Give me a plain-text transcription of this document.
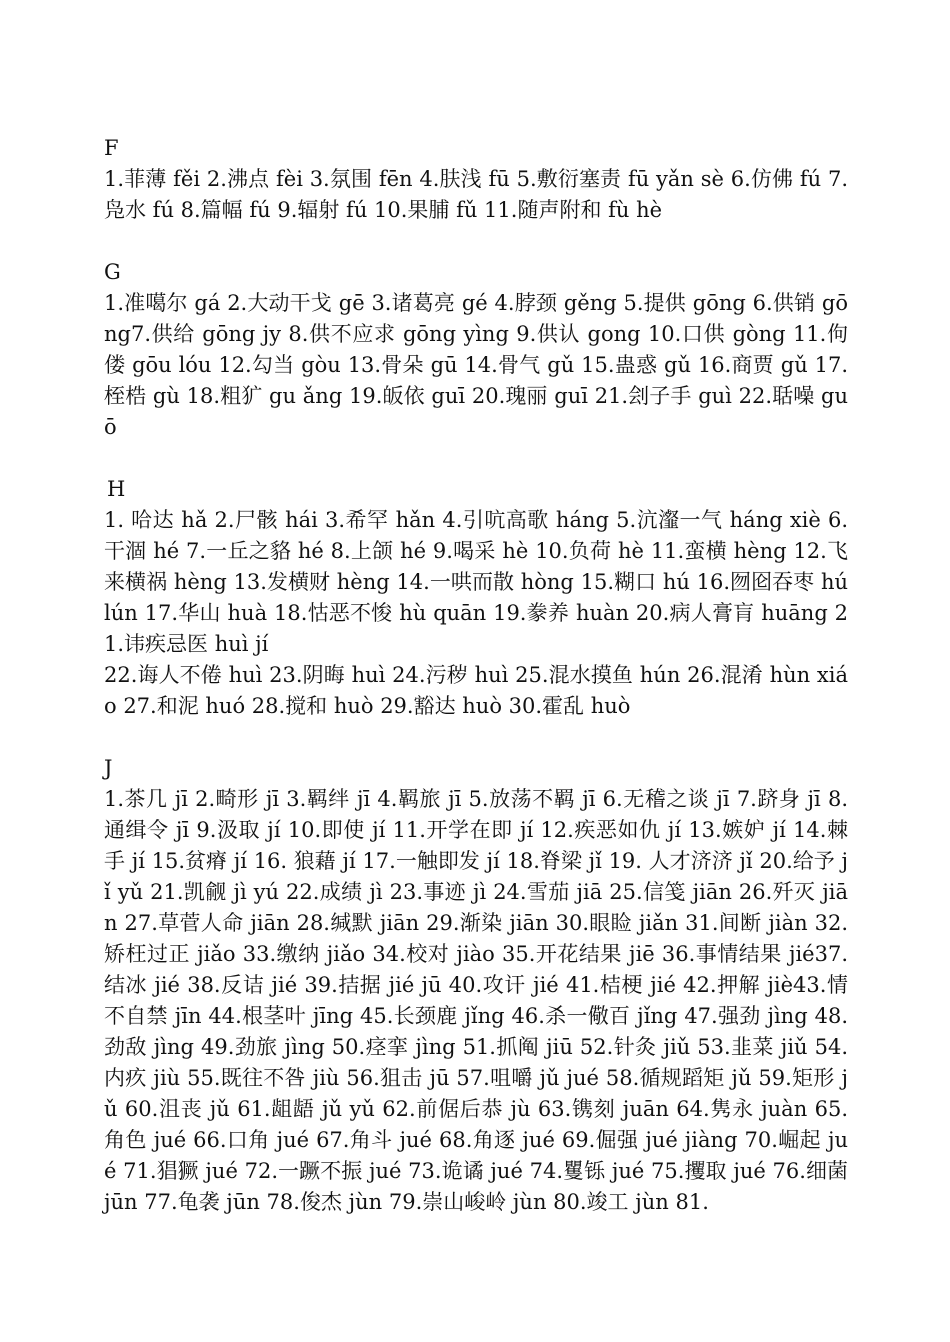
F

1.菲薄 fěi 2.沸点 fèi 3.氛围 fēn 4.肤浅 fū 5.敷衍塞责 fū yǎn sè 6.仿佛 fú 7.凫水 fú 8.篇幅 fú 9.辐射 fú 10.果脯 fǔ 11.随声附和 fù hè

G

1.准噶尔 gá 2.大动干戈 gē 3.诸葛亮 gé 4.脖颈 gěng 5.提供 gōng 6.供销 gōng7.供给 gōng jy 8.供不应求 gōng yìng 9.供认 gong 10.口供 gòng 11.佝偻 gōu lóu 12.勾当 gòu 13.骨朵 gū 14.骨气 gǔ 15.蛊惑 gǔ 16.商贾 gǔ 17.桎梏 gù 18.粗犷 gu ǎng 19.皈依 guī 20.瑰丽 guī 21.刽子手 guì 22.聒噪 guō

H

1. 哈达 hǎ 2.尸骸 hái 3.希罕 hǎn 4.引吭高歌 háng 5.沆瀣一气 háng xiè 6.干涸 hé 7.一丘之貉 hé 8.上颌 hé 9.喝采 hè 10.负荷 hè 11.蛮横 hèng 12.飞来横祸 hèng 13.发横财 hèng 14.一哄而散 hòng 15.糊口 hú 16.囫囵吞枣 hú lún 17.华山 huà 18.怙恶不悛 hù quān 19.豢养 huàn 20.病人膏肓 huāng 21.讳疾忌医 huì jí

22.诲人不倦 huì 23.阴晦 huì 24.污秽 huì 25.混水摸鱼 hún 26.混淆 hùn xiáo 27.和泥 huó 28.搅和 huò 29.豁达 huò 30.霍乱 huò

J

1.茶几 jī 2.畸形 jī 3.羁绊 jī 4.羁旅 jī 5.放荡不羁 jī 6.无稽之谈 jī 7.跻身 jī 8.通缉令 jī 9.汲取 jí 10.即使 jí 11.开学在即 jí 12.疾恶如仇 jí 13.嫉妒 jí 14.棘手 jí 15.贫瘠 jí 16. 狼藉 jí 17.一触即发 jí 18.脊梁 jǐ 19. 人才济济 jǐ 20.给予 jǐ yǔ 21.凯觎 jì yú 22.成绩 jì 23.事迹 jì 24.雪茄 jiā 25.信笺 jiān 26.歼灭 jiān 27.草菅人命 jiān 28.缄默 jiān 29.渐染 jiān 30.眼睑 jiǎn 31.间断 jiàn 32.矫枉过正 jiǎo 33.缴纳 jiǎo 34.校对 jiào 35.开花结果 jiē 36.事情结果 jié37.结冰 jié 38.反诘 jié 39.拮据 jié jū 40.攻讦 jié 41.桔梗 jié 42.押解 jiè43.情不自禁 jīn 44.根茎叶 jīng 45.长颈鹿 jǐng 46.杀一儆百 jǐng 47.强劲 jìng 48.劲敌 jìng 49.劲旅 jìng 50.痉挛 jìng 51.抓阄 jiū 52.针灸 jiǔ 53.韭菜 jiǔ 54.内疚 jiù 55.既往不咎 jiù 56.狙击 jū 57.咀嚼 jǔ jué 58.循规蹈矩 jǔ 59.矩形 jǔ 60.沮丧 jǔ 61.龃龉 jǔ yǔ 62.前倨后恭 jù 63.镌刻 juān 64.隽永 juàn 65.角色 jué 66.口角 jué 67.角斗 jué 68.角逐 jué 69.倔强 jué jiàng 70.崛起 jué 71.猖獗 jué 72.一蹶不振 jué 73.诡谲 jué 74.矍铄 jué 75.攫取 jué 76.细菌 jūn 77.龟袭 jūn 78.俊杰 jùn 79.崇山峻岭 jùn 80.竣工 jùn 81.
